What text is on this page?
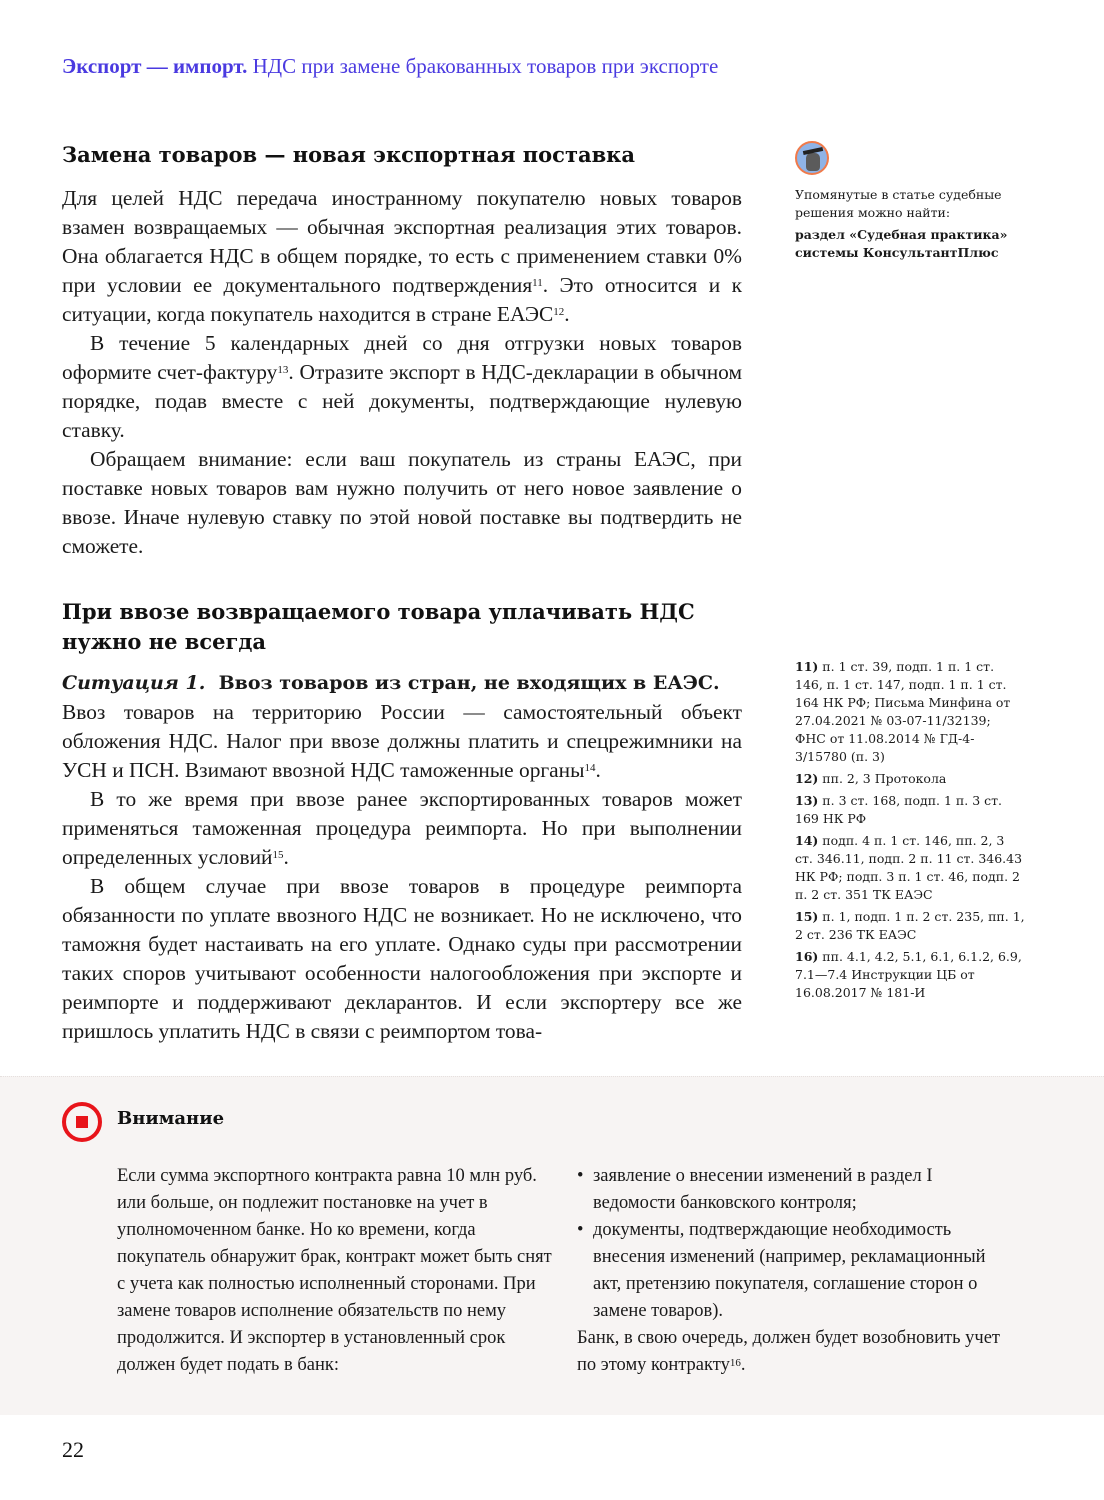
Экспорт — импорт. НДС при замене бракованных товаров при экспорте
Замена товаров — новая экспортная поставка

Для целей НДС передача иностранному покупателю новых товаров взамен возвращаемых — обычная экспортная реализация этих товаров. Она облагается НДС в общем порядке, то есть с применением ставки 0% при условии ее документального подтверждения$^{11}$. Это относится и к ситуации, когда покупатель находится в стране ЕАЭС$^{12}$.

В течение 5 календарных дней со дня отгрузки новых товаров оформите счет-фактуру$^{13}$. Отразите экспорт в НДС-декларации в обычном порядке, подав вместе с ней документы, подтверждающие нулевую ставку.

Обращаем внимание: если ваш покупатель из страны ЕАЭС, при поставке новых товаров вам нужно получить от него новое заявление о ввозе. Иначе нулевую ставку по этой новой поставке вы подтвердить не сможете.

При ввозе возвращаемого товара уплачивать НДС нужно не всегда

Ситуация 1. Ввоз товаров из стран, не входящих в ЕАЭС.

Ввоз товаров на территорию России — самостоятельный объект обложения НДС. Налог при ввозе должны платить и спецрежимники на УСН и ПСН. Взимают ввозной НДС таможенные органы$^{14}$.

В то же время при ввозе ранее экспортированных товаров может применяться таможенная процедура реимпорта. Но при выполнении определенных условий$^{15}$.

В общем случае при ввозе товаров в процедуре реимпорта обязанности по уплате ввозного НДС не возникает. Но не исключено, что таможня будет настаивать на его уплате. Однако суды при рассмотрении таких споров учитывают особенности налогообложения при экспорте и реимпорте и поддерживают декларантов. И если экспортеру все же пришлось уплатить НДС в связи с реимпортом това-

Упомянутые в статье судебные решения можно найти:
раздел «Судебная практика» системы КонсультантПлюс
11) п. 1 ст. 39, подп. 1 п. 1 ст. 146, п. 1 ст. 147, подп. 1 п. 1 ст. 164 НК РФ; Письма Минфина от 27.04.2021 № 03-07-11/32139; ФНС от 11.08.2014 № ГД-4-3/15780 (п. 3)
12) пп. 2, 3 Протокола
13) п. 3 ст. 168, подп. 1 п. 3 ст. 169 НК РФ
14) подп. 4 п. 1 ст. 146, пп. 2, 3 ст. 346.11, подп. 2 п. 11 ст. 346.43 НК РФ; подп. 3 п. 1 ст. 46, подп. 2 п. 2 ст. 351 ТК ЕАЭС
15) п. 1, подп. 1 п. 2 ст. 235, пп. 1, 2 ст. 236 ТК ЕАЭС
16) пп. 4.1, 4.2, 5.1, 6.1, 6.1.2, 6.9, 7.1—7.4 Инструкции ЦБ от 16.08.2017 № 181-И
Внимание
Если сумма экспортного контракта равна 10 млн руб. или больше, он подлежит постановке на учет в уполномоченном банке. Но ко времени, когда покупатель обнаружит брак, контракт может быть снят с учета как полностью исполненный сторонами. При замене товаров исполнение обязательств по нему продолжится. И экспортер в установленный срок должен будет подать в банк:
• заявление о внесении изменений в раздел I ведомости банковского контроля;
• документы, подтверждающие необходимость внесения изменений (например, рекламационный акт, претензию покупателя, соглашение сторон о замене товаров).
Банк, в свою очередь, должен будет возобновить учет по этому контракту$^{16}$.
22
